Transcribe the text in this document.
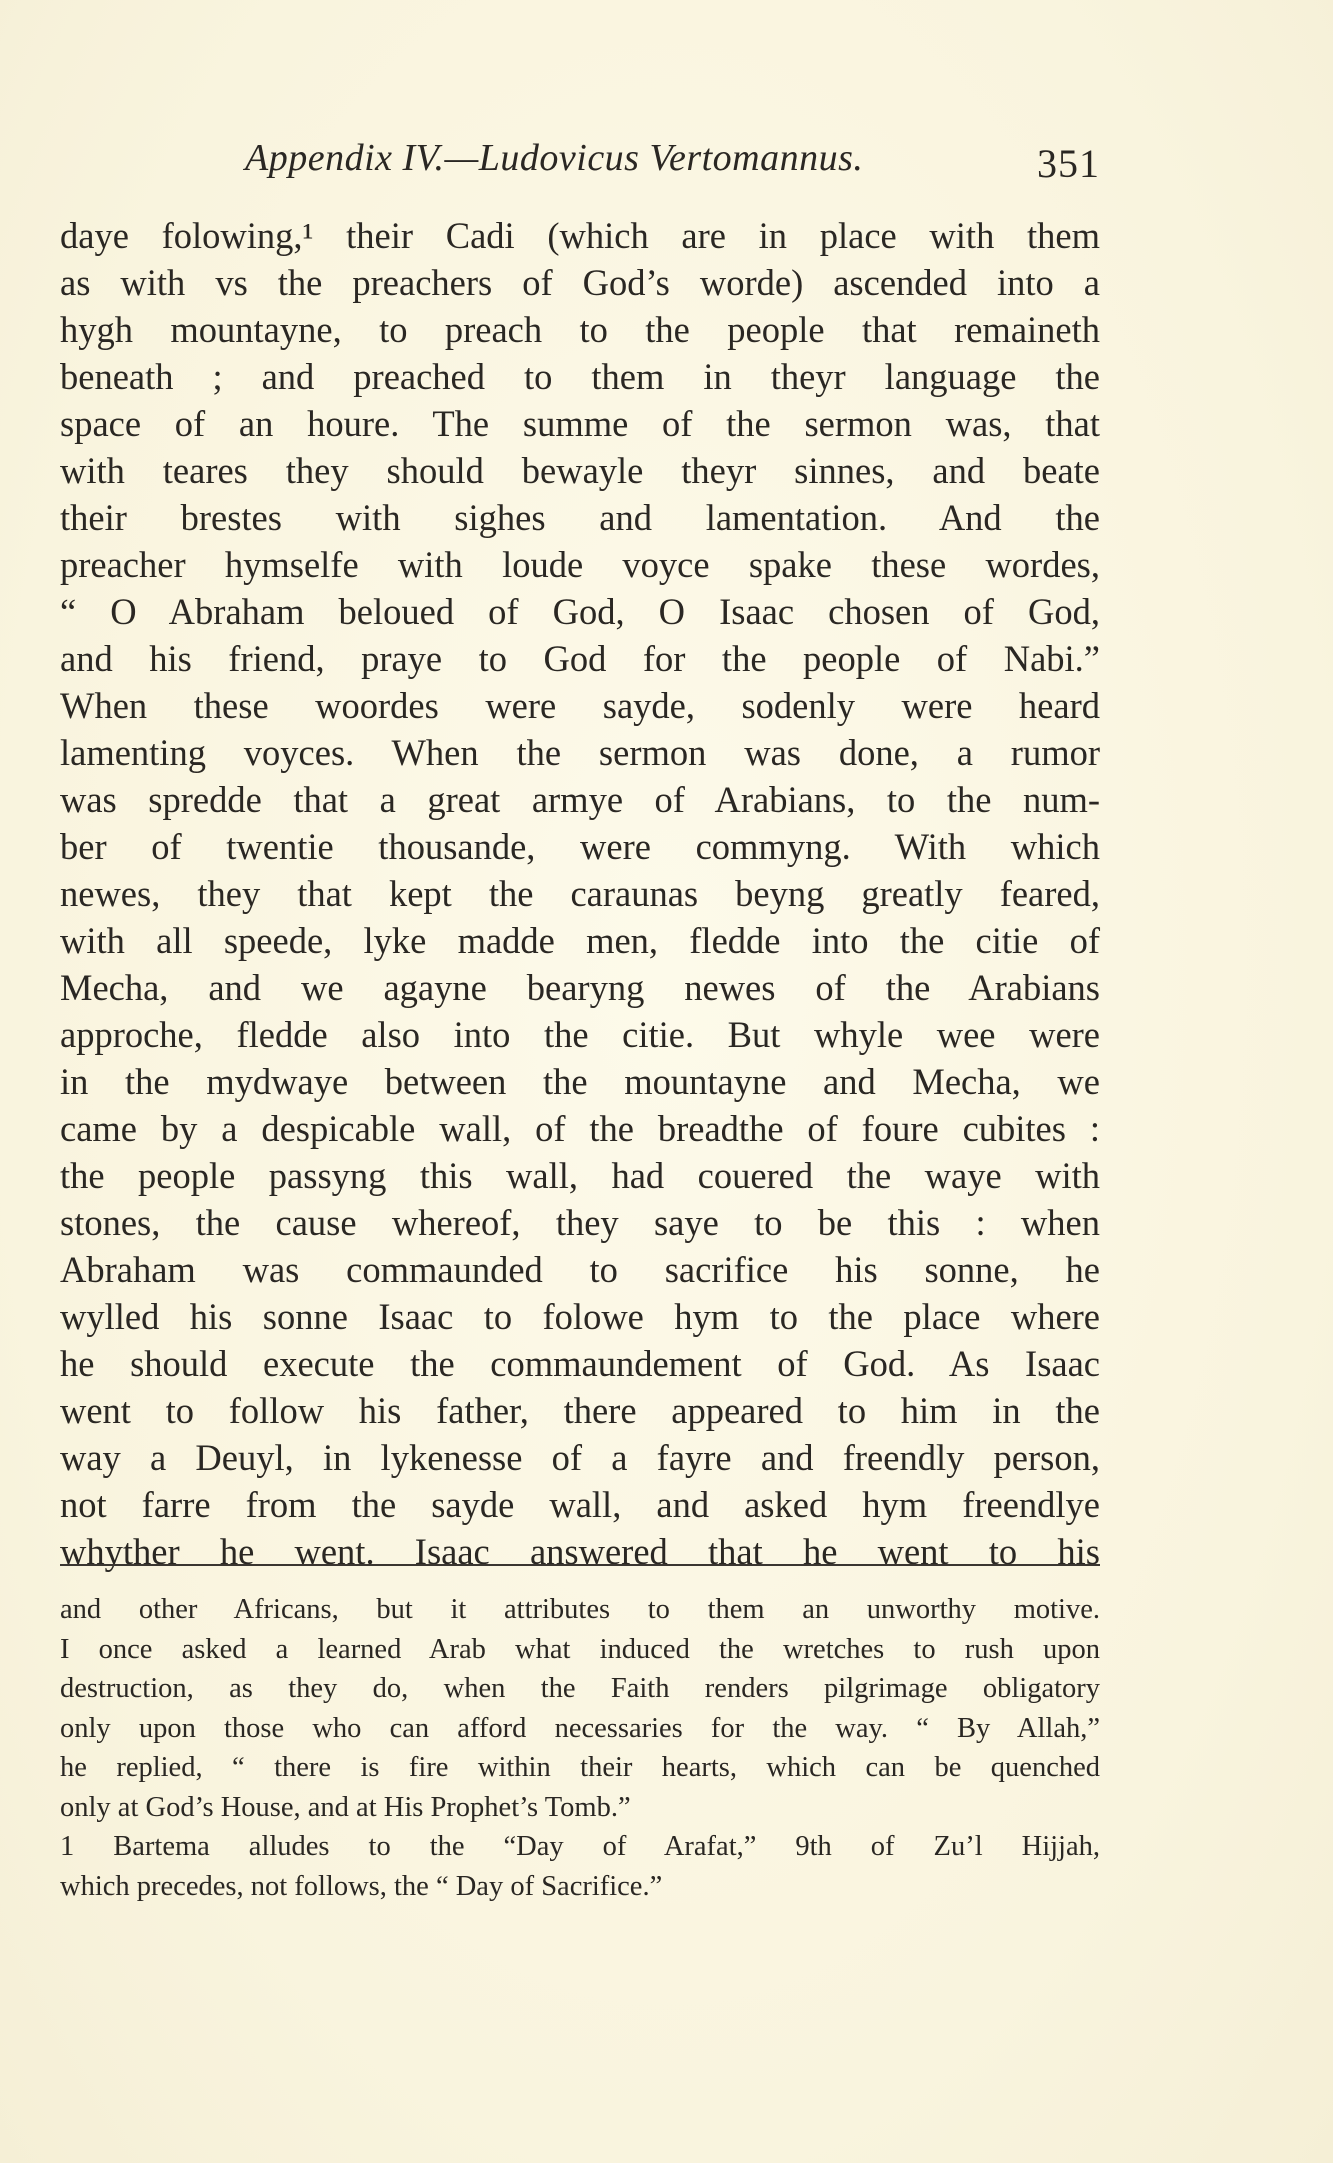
Appendix IV.—Ludovicus Vertomannus.	351
daye folowing,¹ their Cadi (which are in place with them
as with vs the preachers of God’s worde) ascended into a
hygh mountayne, to preach to the people that remaineth
beneath ; and preached to them in theyr language the
space of an houre. The summe of the sermon was, that
with teares they should bewayle theyr sinnes, and beate
their brestes with sighes and lamentation. And the
preacher hymselfe with loude voyce spake these wordes,
“ O Abraham beloued of God, O Isaac chosen of God,
and his friend, praye to God for the people of Nabi.”
When these woordes were sayde, sodenly were heard
lamenting voyces. When the sermon was done, a rumor
was spredde that a great armye of Arabians, to the num-
ber of twentie thousande, were commyng. With which
newes, they that kept the caraunas beyng greatly feared,
with all speede, lyke madde men, fledde into the citie of
Mecha, and we agayne bearyng newes of the Arabians
approche, fledde also into the citie. But whyle wee were
in the mydwaye between the mountayne and Mecha, we
came by a despicable wall, of the breadthe of foure cubites :
the people passyng this wall, had couered the waye with
stones, the cause whereof, they saye to be this : when
Abraham was commaunded to sacrifice his sonne, he
wylled his sonne Isaac to folowe hym to the place where
he should execute the commaundement of God. As Isaac
went to follow his father, there appeared to him in the
way a Deuyl, in lykenesse of a fayre and freendly person,
not farre from the sayde wall, and asked hym freendlye
whyther he went. Isaac answered that he went to his
and other Africans, but it attributes to them an unworthy motive.
I once asked a learned Arab what induced the wretches to rush upon
destruction, as they do, when the Faith renders pilgrimage obligatory
only upon those who can afford necessaries for the way. “ By Allah,”
he replied, “ there is fire within their hearts, which can be quenched
only at God’s House, and at His Prophet’s Tomb.”
1 Bartema alludes to the “Day of Arafat,” 9th of Zu’l Hijjah,
which precedes, not follows, the “ Day of Sacrifice.”
